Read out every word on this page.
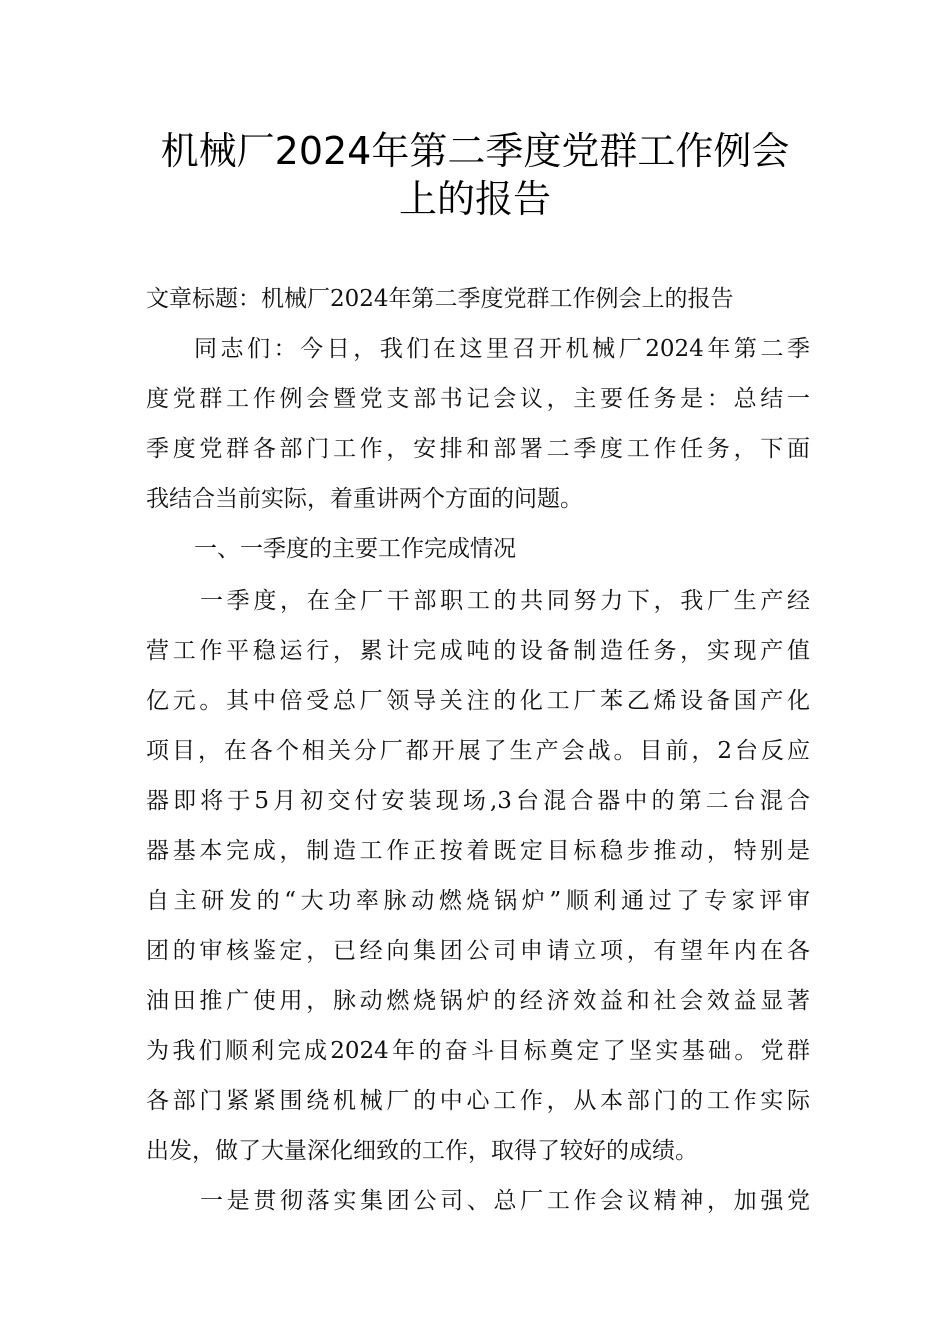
机械厂2024年第二季度党群工作例会
上的报告

文章标题：机械厂2024年第二季度党群工作例会上的报告

同志们：今日，我们在这里召开机械厂2024年第二季

度党群工作例会暨党支部书记会议，主要任务是：总结一

季度党群各部门工作，安排和部署二季度工作任务，下面

我结合当前实际，着重讲两个方面的问题。

一、一季度的主要工作完成情况

一季度，在全厂干部职工的共同努力下，我厂生产经

营工作平稳运行，累计完成吨的设备制造任务，实现产值

亿元。其中倍受总厂领导关注的化工厂苯乙烯设备国产化

项目，在各个相关分厂都开展了生产会战。目前，2台反应

器即将于5月初交付安装现场,3台混合器中的第二台混合

器基本完成，制造工作正按着既定目标稳步推动，特别是

自主研发的“大功率脉动燃烧锅炉”顺利通过了专家评审

团的审核鉴定，已经向集团公司申请立项，有望年内在各

油田推广使用，脉动燃烧锅炉的经济效益和社会效益显著

为我们顺利完成2024年的奋斗目标奠定了坚实基础。党群

各部门紧紧围绕机械厂的中心工作，从本部门的工作实际

出发，做了大量深化细致的工作，取得了较好的成绩。

一是贯彻落实集团公司、总厂工作会议精神，加强党
